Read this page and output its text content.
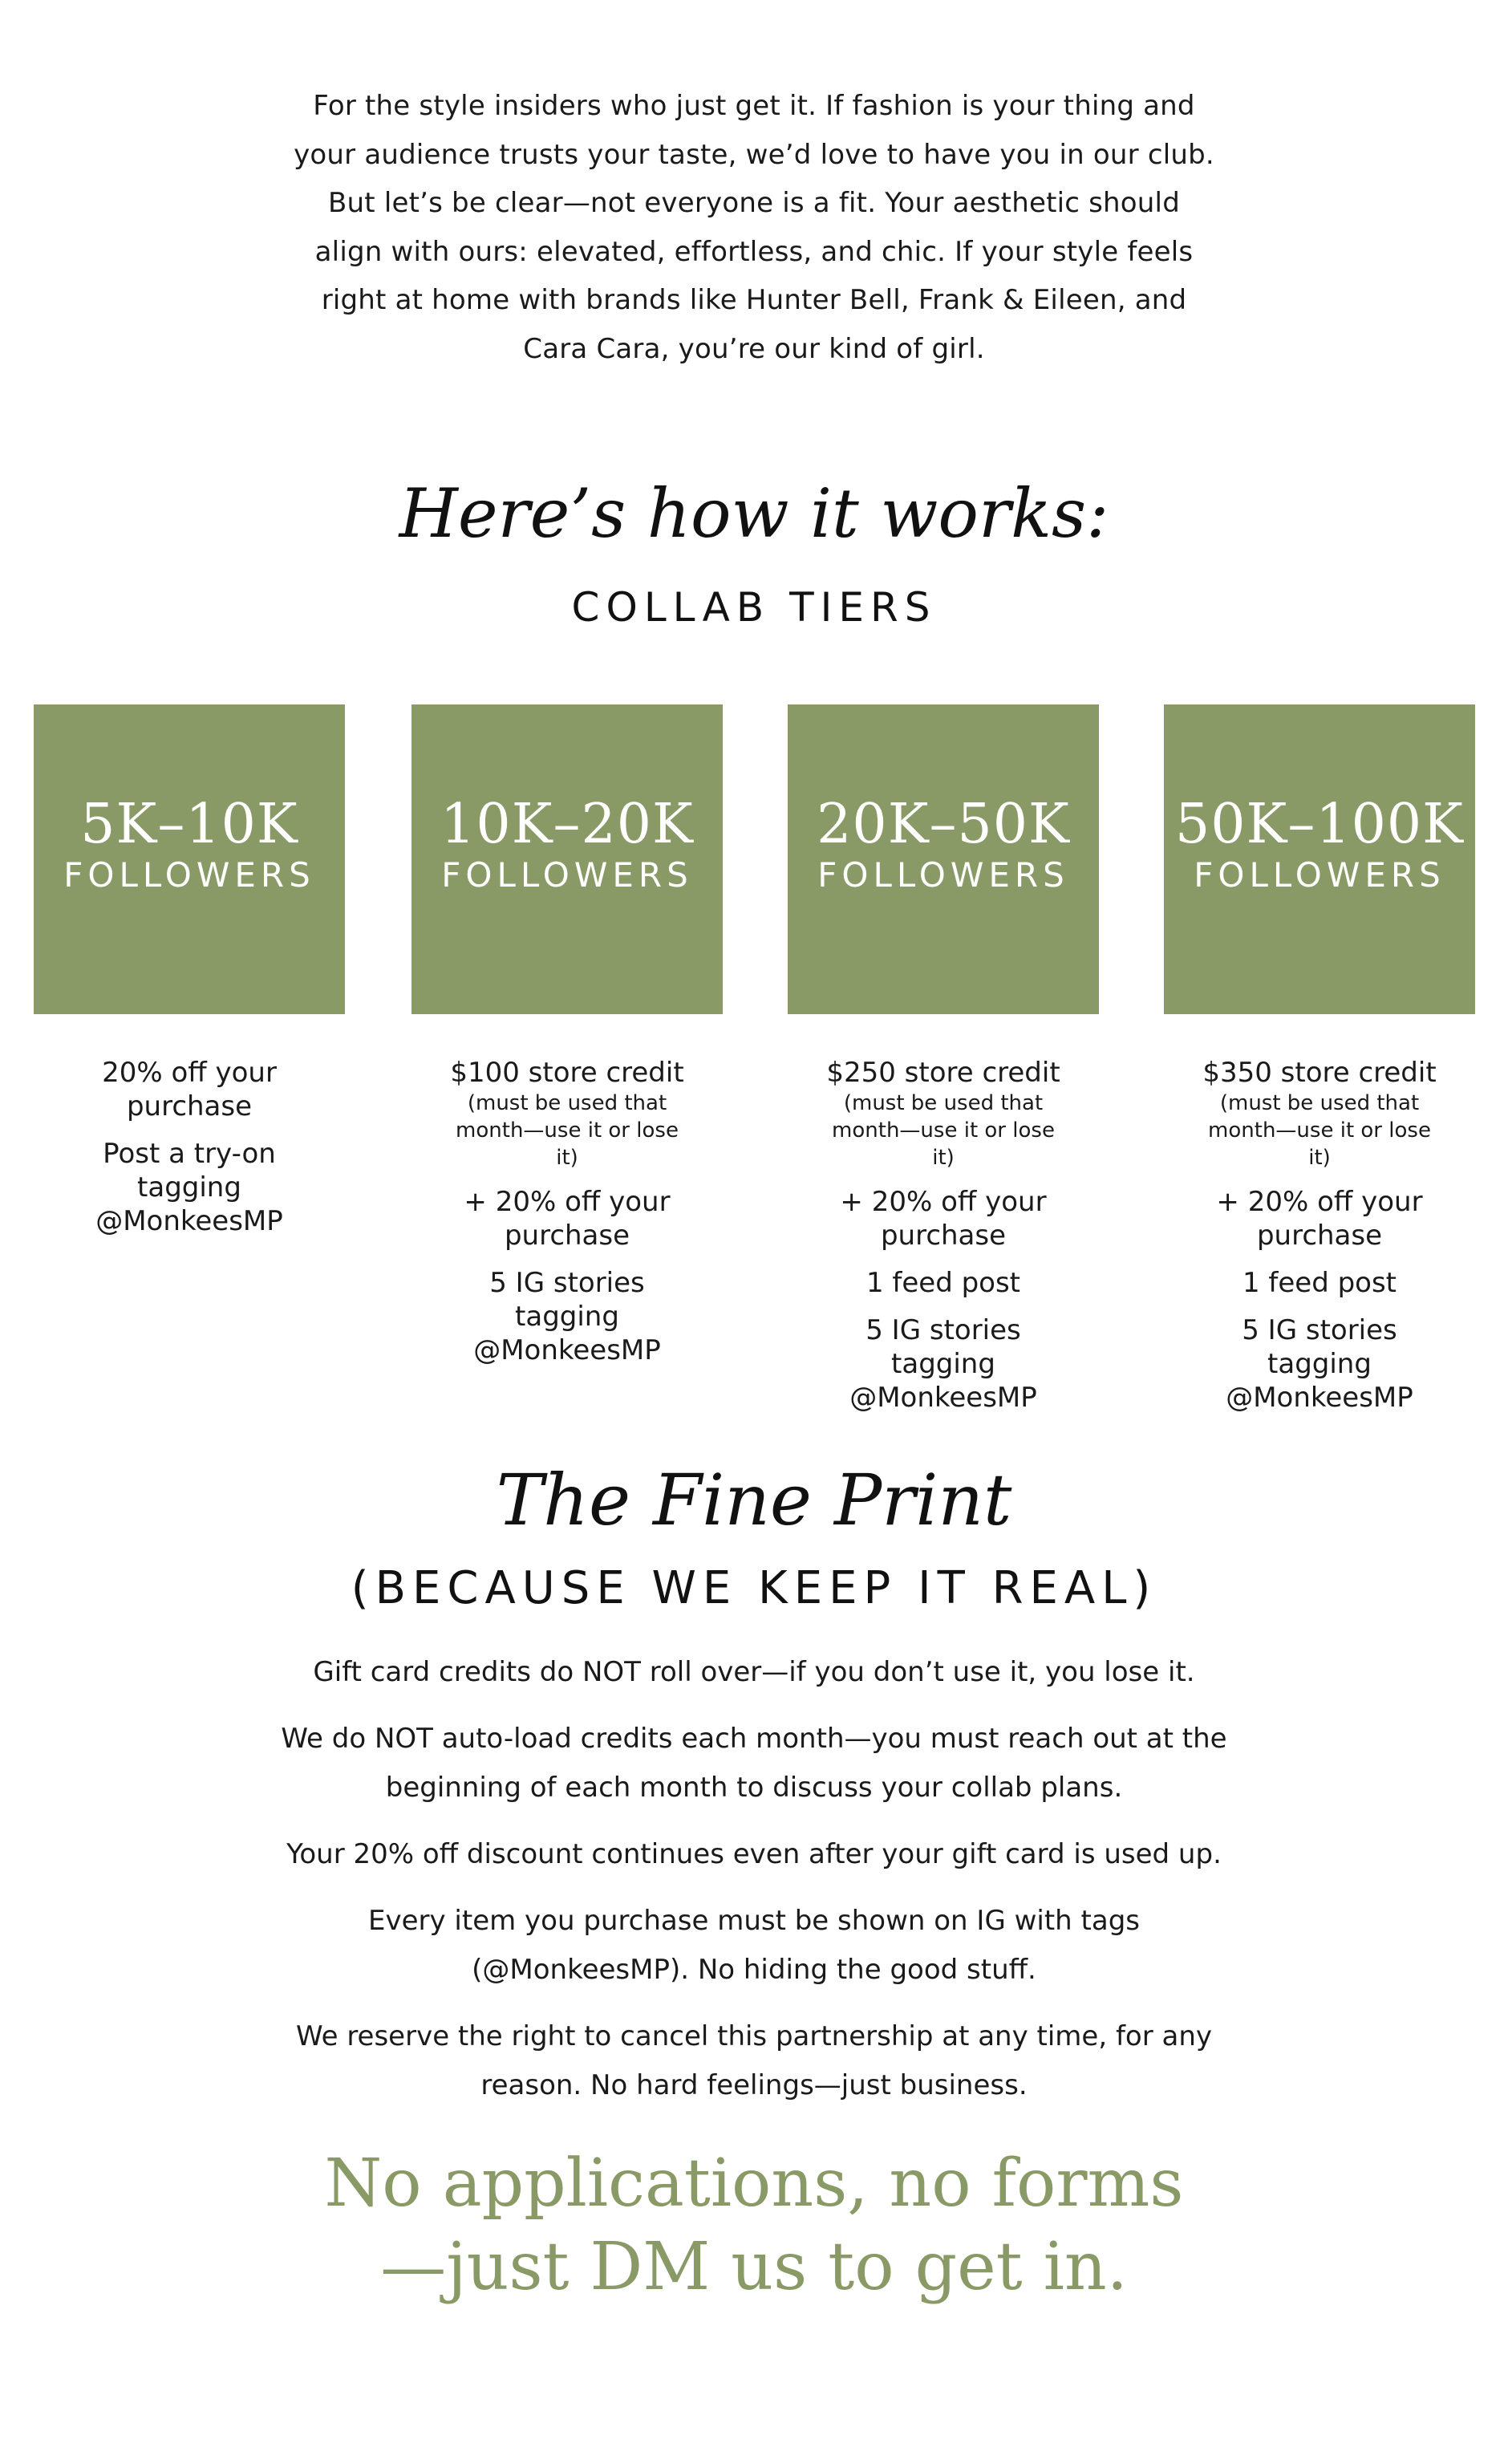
For the style insiders who just get it. If fashion is your thing and
your audience trusts your taste, we’d love to have you in our club.
But let’s be clear—not everyone is a fit. Your aesthetic should
align with ours: elevated, effortless, and chic. If your style feels
right at home with brands like Hunter Bell, Frank & Eileen, and
Cara Cara, you’re our kind of girl.
Here’s how it works:
COLLAB TIERS
5K–10K
FOLLOWERS
10K–20K
FOLLOWERS
20K–50K
FOLLOWERS
50K–100K
FOLLOWERS
20% off your purchase
Post a try-on tagging @MonkeesMP
$100 store credit
(must be used that month—use it or lose it)
+ 20% off your purchase
5 IG stories tagging @MonkeesMP
$250 store credit
(must be used that month—use it or lose it)
+ 20% off your purchase
1 feed post
5 IG stories tagging @MonkeesMP
$350 store credit
(must be used that month—use it or lose it)
+ 20% off your purchase
1 feed post
5 IG stories tagging @MonkeesMP
The Fine Print
(BECAUSE WE KEEP IT REAL)
Gift card credits do NOT roll over—if you don’t use it, you lose it.
We do NOT auto-load credits each month—you must reach out at the beginning of each month to discuss your collab plans.
Your 20% off discount continues even after your gift card is used up.
Every item you purchase must be shown on IG with tags (@MonkeesMP). No hiding the good stuff.
We reserve the right to cancel this partnership at any time, for any reason. No hard feelings—just business.
No applications, no forms
—just DM us to get in.
